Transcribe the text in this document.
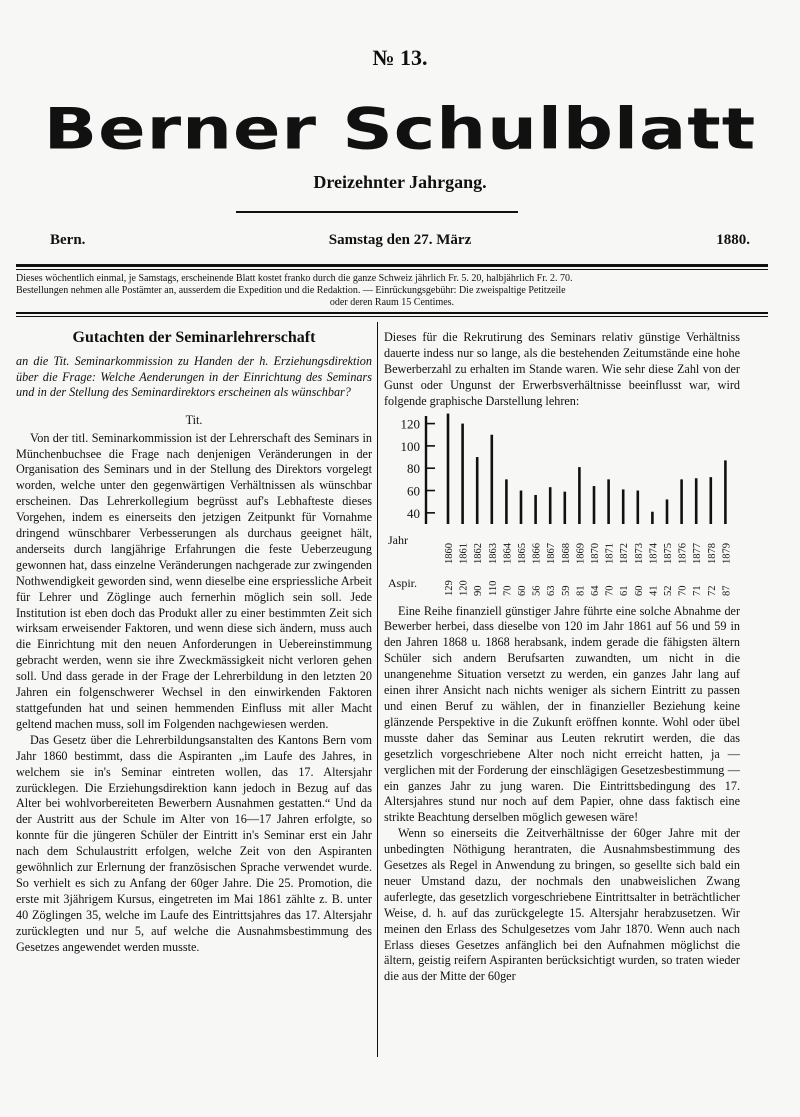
№ 13.
Berner Schulblatt
Dreizehnter Jahrgang.
Bern.	Samstag den 27. März	1880.
Dieses wöchentlich einmal, je Samstags, erscheinende Blatt kostet franko durch die ganze Schweiz jährlich Fr. 5. 20, halbjährlich Fr. 2. 70.
Bestellungen nehmen alle Postämter an, ausserdem die Expedition und die Redaktion. — Einrückungsgebühr: Die zweispaltige Petitzeile
oder deren Raum 15 Centimes.
Gutachten der Seminarlehrerschaft
an die Tit. Seminarkommission zu Handen der h. Erziehungsdirektion über die Frage: Welche Aenderungen in der Einrichtung des Seminars und in der Stellung des Seminardirektors erscheinen als wünschbar?
Tit.

Von der titl. Seminarkommission ist der Lehrerschaft des Seminars in Münchenbuchsee die Frage nach denjenigen Veränderungen in der Organisation des Seminars und in der Stellung des Direktors vorgelegt worden, welche unter den gegenwärtigen Verhältnissen als wünschbar erscheinen. Das Lehrerkollegium begrüsst auf's Lebhafteste dieses Vorgehen, indem es einerseits den jetzigen Zeitpunkt für Vornahme dringend wünschbarer Verbesserungen als durchaus geeignet hält, anderseits durch langjährige Erfahrungen die feste Ueberzeugung gewonnen hat, dass einzelne Veränderungen nachgerade zur zwingenden Nothwendigkeit geworden sind, wenn dieselbe eine erspriessliche Arbeit für Lehrer und Zöglinge auch fernerhin möglich sein soll. Jede Institution ist eben doch das Produkt aller zu einer bestimmten Zeit sich wirksam erweisender Faktoren, und wenn diese sich ändern, muss auch die Einrichtung mit den neuen Anforderungen in Uebereinstimmung gebracht werden, wenn sie ihre Zweckmässigkeit nicht verloren gehen soll. Und dass gerade in der Frage der Lehrerbildung in den letzten 20 Jahren ein folgenschwerer Wechsel in den einwirkenden Faktoren stattgefunden hat und seinen hemmenden Einfluss mit aller Macht geltend machen muss, soll im Folgenden nachgewiesen werden.

Das Gesetz über die Lehrerbildungsanstalten des Kantons Bern vom Jahr 1860 bestimmt, dass die Aspiranten „im Laufe des Jahres, in welchem sie in's Seminar eintreten wollen, das 17. Altersjahr zurücklegen. Die Erziehungsdirektion kann jedoch in Bezug auf das Alter bei wohlvorbereiteten Bewerbern Ausnahmen gestatten.“ Und da der Austritt aus der Schule im Alter von 16—17 Jahren erfolgte, so konnte für die jüngeren Schüler der Eintritt in's Seminar erst ein Jahr nach dem Schulaustritt erfolgen, welche Zeit von den Aspiranten gewöhnlich zur Erlernung der französischen Sprache verwendet wurde. So verhielt es sich zu Anfang der 60ger Jahre. Die 25. Promotion, die erste mit 3jährigem Kursus, eingetreten im Mai 1861 zählte z. B. unter 40 Zöglingen 35, welche im Laufe des Eintrittsjahres das 17. Altersjahr zurücklegten und nur 5, auf welche die Ausnahmsbestimmung des Gesetzes angewendet werden musste.

Dieses für die Rekrutirung des Seminars relativ günstige Verhältniss dauerte indess nur so lange, als die bestehenden Zeitumstände eine hohe Bewerberzahl zu erhalten im Stande waren. Wie sehr diese Zahl von der Gunst oder Ungunst der Erwerbsverhältnisse beeinflusst war, wird folgende graphische Darstellung lehren:

40
60
80
100
120
1860
129
1861
120
1862
90
1863
110
1864
70
1865
60
1866
56
1867
63
1868
59
1869
81
1870
64
1871
70
1872
61
1873
60
1874
41
1875
52
1876
70
1877
71
1878
72
1879
87
Jahr
Aspir.

Eine Reihe finanziell günstiger Jahre führte eine solche Abnahme der Bewerber herbei, dass dieselbe von 120 im Jahr 1861 auf 56 und 59 in den Jahren 1868 u. 1868 herabsank, indem gerade die fähigsten ältern Schüler sich andern Berufsarten zuwandten, um nicht in die unangenehme Situation versetzt zu werden, ein ganzes Jahr lang auf einen ihrer Ansicht nach nichts weniger als sichern Eintritt zu passen und einen Beruf zu wählen, der in finanzieller Beziehung keine glänzende Perspektive in die Zukunft eröffnen konnte. Wohl oder übel musste daher das Seminar aus Leuten rekrutirt werden, die das gesetzlich vorgeschriebene Alter noch nicht erreicht hatten, ja — verglichen mit der Forderung der einschlägigen Gesetzesbestimmung — ein ganzes Jahr zu jung waren. Die Eintrittsbedingung des 17. Altersjahres stund nur noch auf dem Papier, ohne dass faktisch eine strikte Beachtung derselben möglich gewesen wäre!

Wenn so einerseits die Zeitverhältnisse der 60ger Jahre mit der unbedingten Nöthigung herantraten, die Ausnahmsbestimmung des Gesetzes als Regel in Anwendung zu bringen, so gesellte sich bald ein neuer Umstand dazu, der nochmals den unabweislichen Zwang auferlegte, das gesetzlich vorgeschriebene Eintrittsalter in beträchtlicher Weise, d. h. auf das zurückgelegte 15. Altersjahr herabzusetzen. Wir meinen den Erlass des Schulgesetzes vom Jahr 1870. Wenn auch nach Erlass dieses Gesetzes anfänglich bei den Aufnahmen möglichst die ältern, geistig reifern Aspiranten berücksichtigt wurden, so traten wieder die aus der Mitte der 60ger
